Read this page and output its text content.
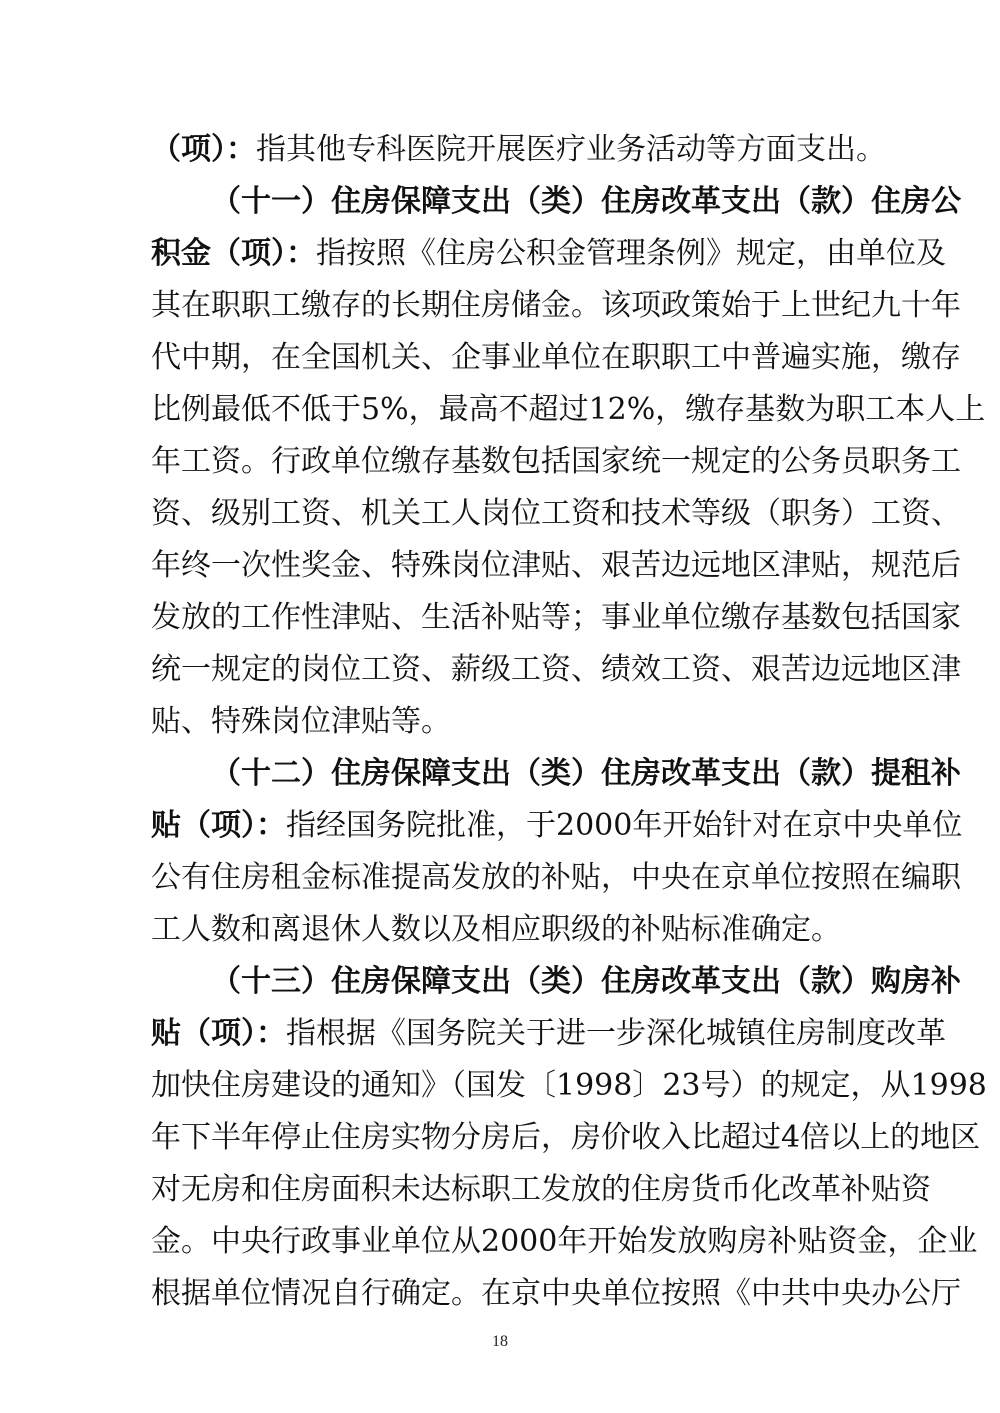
（项）：指其他专科医院开展医疗业务活动等方面支出。
（十一）住房保障支出（类）住房改革支出（款）住房公
积金（项）：指按照《住房公积金管理条例》规定，由单位及
其在职职工缴存的长期住房储金。该项政策始于上世纪九十年
代中期，在全国机关、企事业单位在职职工中普遍实施，缴存
比例最低不低于5%，最高不超过12%，缴存基数为职工本人上
年工资。行政单位缴存基数包括国家统一规定的公务员职务工
资、级别工资、机关工人岗位工资和技术等级（职务）工资、
年终一次性奖金、特殊岗位津贴、艰苦边远地区津贴，规范后
发放的工作性津贴、生活补贴等；事业单位缴存基数包括国家
统一规定的岗位工资、薪级工资、绩效工资、艰苦边远地区津
贴、特殊岗位津贴等。
（十二）住房保障支出（类）住房改革支出（款）提租补
贴（项）：指经国务院批准，于2000年开始针对在京中央单位
公有住房租金标准提高发放的补贴，中央在京单位按照在编职
工人数和离退休人数以及相应职级的补贴标准确定。
（十三）住房保障支出（类）住房改革支出（款）购房补
贴（项）：指根据《国务院关于进一步深化城镇住房制度改革
加快住房建设的通知》（国发〔1998〕23号）的规定，从1998
年下半年停止住房实物分房后，房价收入比超过4倍以上的地区
对无房和住房面积未达标职工发放的住房货币化改革补贴资
金。中央行政事业单位从2000年开始发放购房补贴资金，企业
根据单位情况自行确定。在京中央单位按照《中共中央办公厅
18
